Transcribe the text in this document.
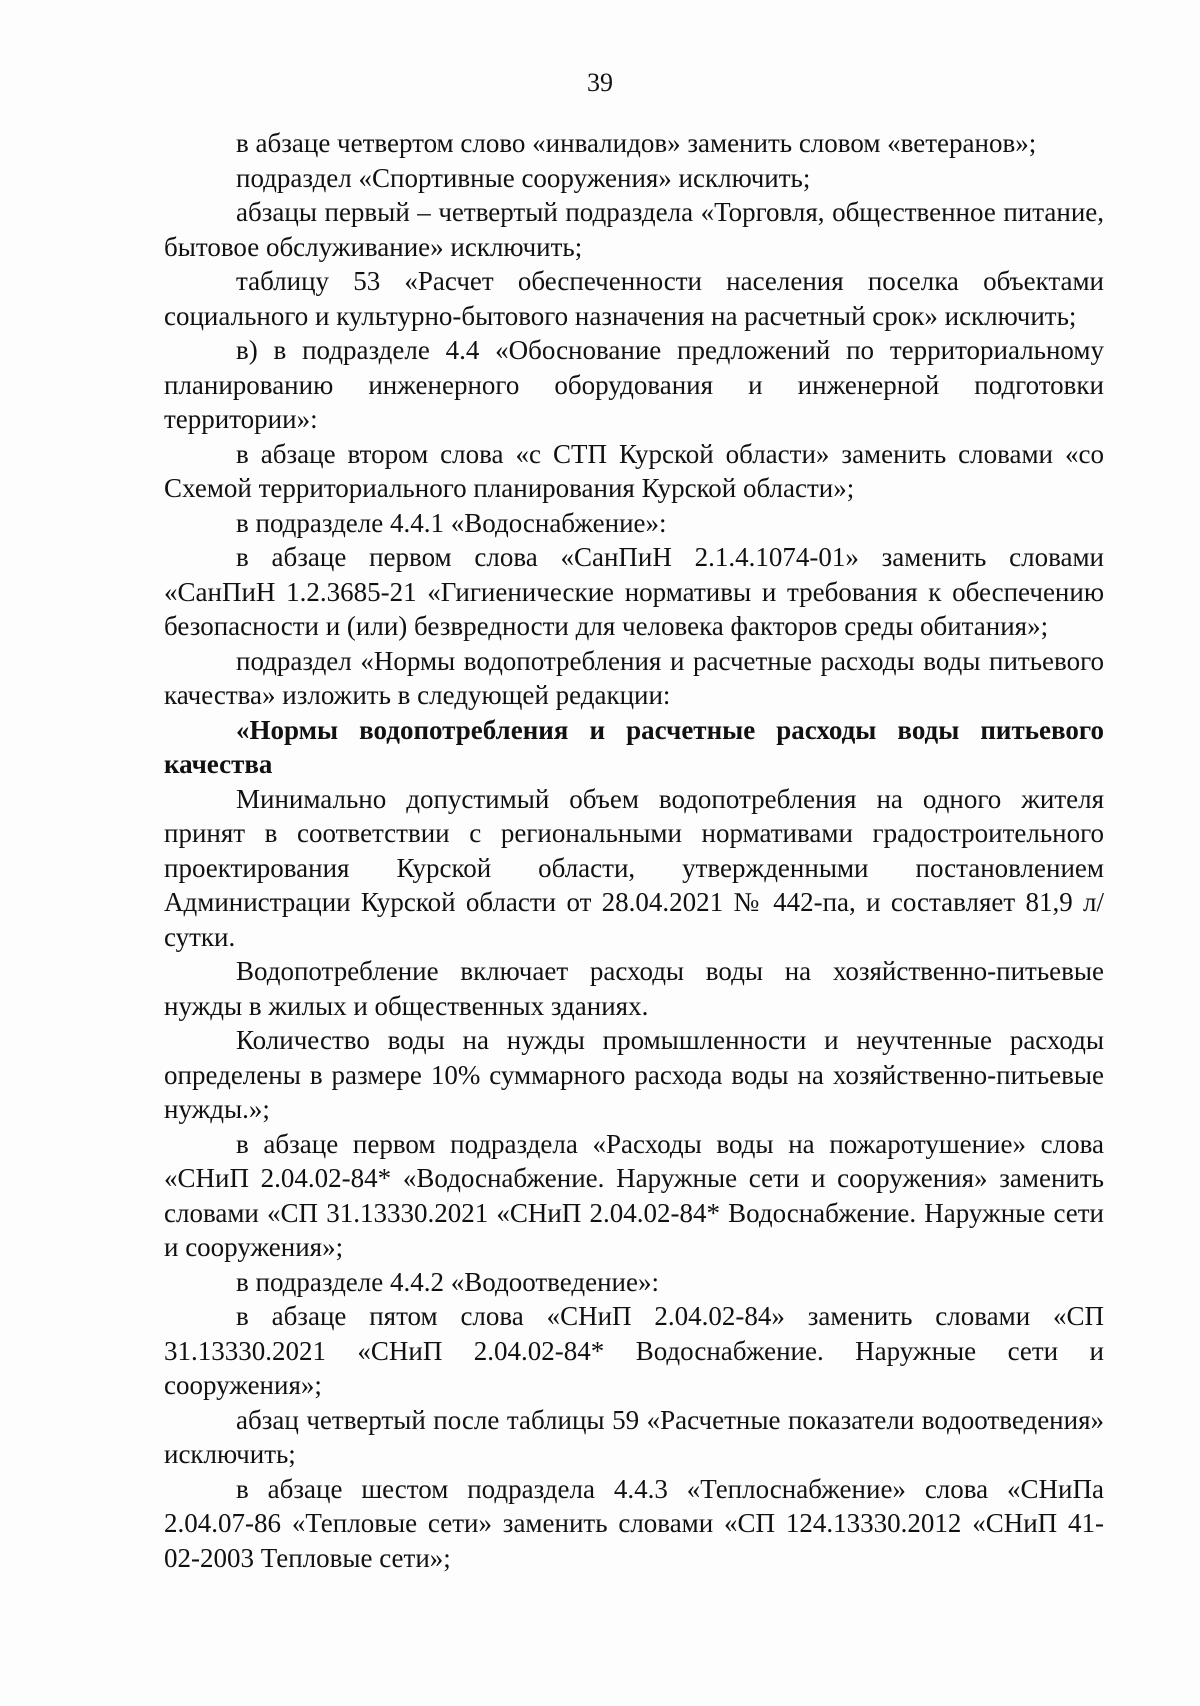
39

в абзаце четвертом слово «инвалидов» заменить словом «ветеранов»;

подраздел «Спортивные сооружения» исключить;

абзацы первый – четвертый подраздела «Торговля, общественное питание, бытовое обслуживание» исключить;

таблицу 53 «Расчет обеспеченности населения поселка объектами социального и культурно-бытового назначения на расчетный срок» исключить;

в) в подразделе 4.4 «Обоснование предложений по территориальному планированию инженерного оборудования и инженерной подготовки территории»:

в абзаце втором слова «с СТП Курской области» заменить словами «со Схемой территориального планирования Курской области»;

в подразделе 4.4.1 «Водоснабжение»:

в абзаце первом слова «СанПиН 2.1.4.1074-01» заменить словами «СанПиН 1.2.3685-21 «Гигиенические нормативы и требования к обеспечению безопасности и (или) безвредности для человека факторов среды обитания»;

подраздел «Нормы водопотребления и расчетные расходы воды питьевого качества» изложить в следующей редакции:

«Нормы водопотребления и расчетные расходы воды питьевого качества

Минимально допустимый объем водопотребления на одного жителя принят в соответствии с региональными нормативами градостроительного проектирования Курской области, утвержденными постановлением Администрации Курской области от 28.04.2021 № 442-па, и составляет 81,9 л/сутки.

Водопотребление включает расходы воды на хозяйственно-питьевые нужды в жилых и общественных зданиях.

Количество воды на нужды промышленности и неучтенные расходы определены в размере 10% суммарного расхода воды на хозяйственно-питьевые нужды.»;

в абзаце первом подраздела «Расходы воды на пожаротушение» слова «СНиП 2.04.02-84* «Водоснабжение. Наружные сети и сооружения» заменить словами «СП 31.13330.2021 «СНиП 2.04.02-84* Водоснабжение. Наружные сети и сооружения»;

в подразделе 4.4.2 «Водоотведение»:

в абзаце пятом слова «СНиП 2.04.02-84» заменить словами «СП 31.13330.2021 «СНиП 2.04.02-84* Водоснабжение. Наружные сети и сооружения»;

абзац четвертый после таблицы 59 «Расчетные показатели водоотведения» исключить;

в абзаце шестом подраздела 4.4.3 «Теплоснабжение» слова «СНиПа 2.04.07-86 «Тепловые сети» заменить словами «СП 124.13330.2012 «СНиП 41-02-2003 Тепловые сети»;
